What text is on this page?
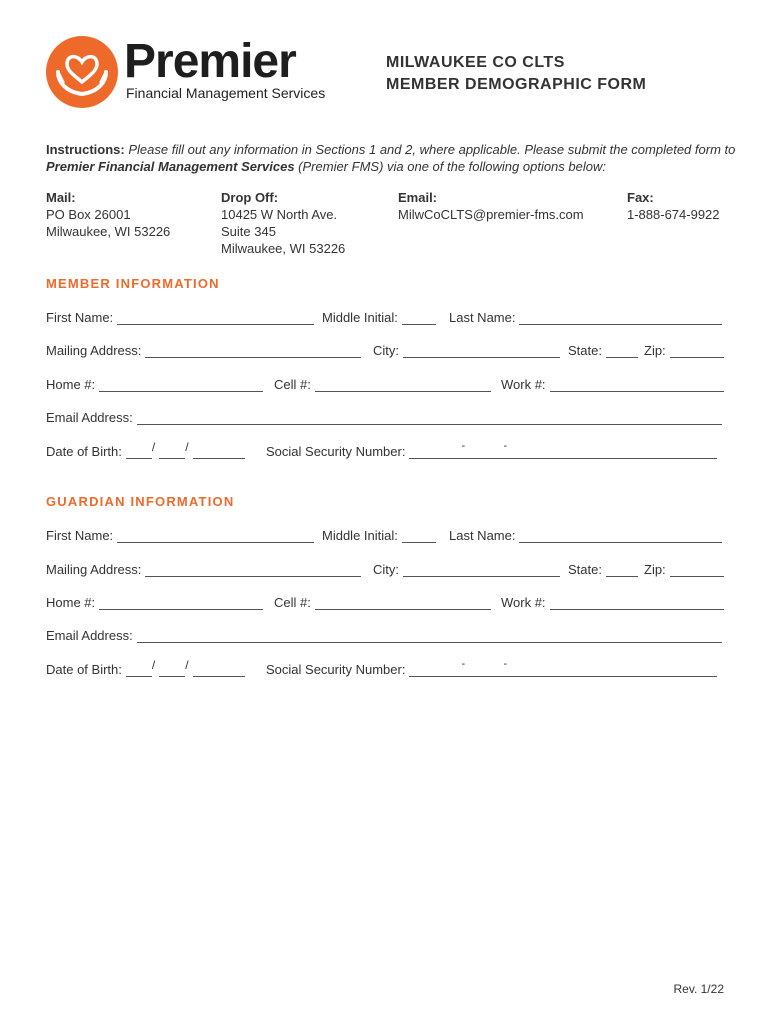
Premier
Financial Management Services
MILWAUKEE CO CLTS
MEMBER DEMOGRAPHIC FORM
Instructions: Please fill out any information in Sections 1 and 2, where applicable. Please submit the completed form to Premier Financial Management Services (Premier FMS) via one of the following options below:
Mail:
PO Box 26001
Milwaukee, WI 53226
Drop Off:
10425 W North Ave.
Suite 345
Milwaukee, WI 53226
Email:
MilwCoCLTS@premier-fms.com
Fax:
1-888-674-9922
MEMBER INFORMATION
First Name:	Middle Initial:	Last Name:
Mailing Address:	City:	State:	Zip:
Home #:	Cell #:	Work #:
Email Address:
Date of Birth:	/	/	Social Security Number:	-	-
GUARDIAN INFORMATION
First Name:	Middle Initial:	Last Name:
Mailing Address:	City:	State:	Zip:
Home #:	Cell #:	Work #:
Email Address:
Date of Birth:	/	/	Social Security Number:	-	-
Rev. 1/22
